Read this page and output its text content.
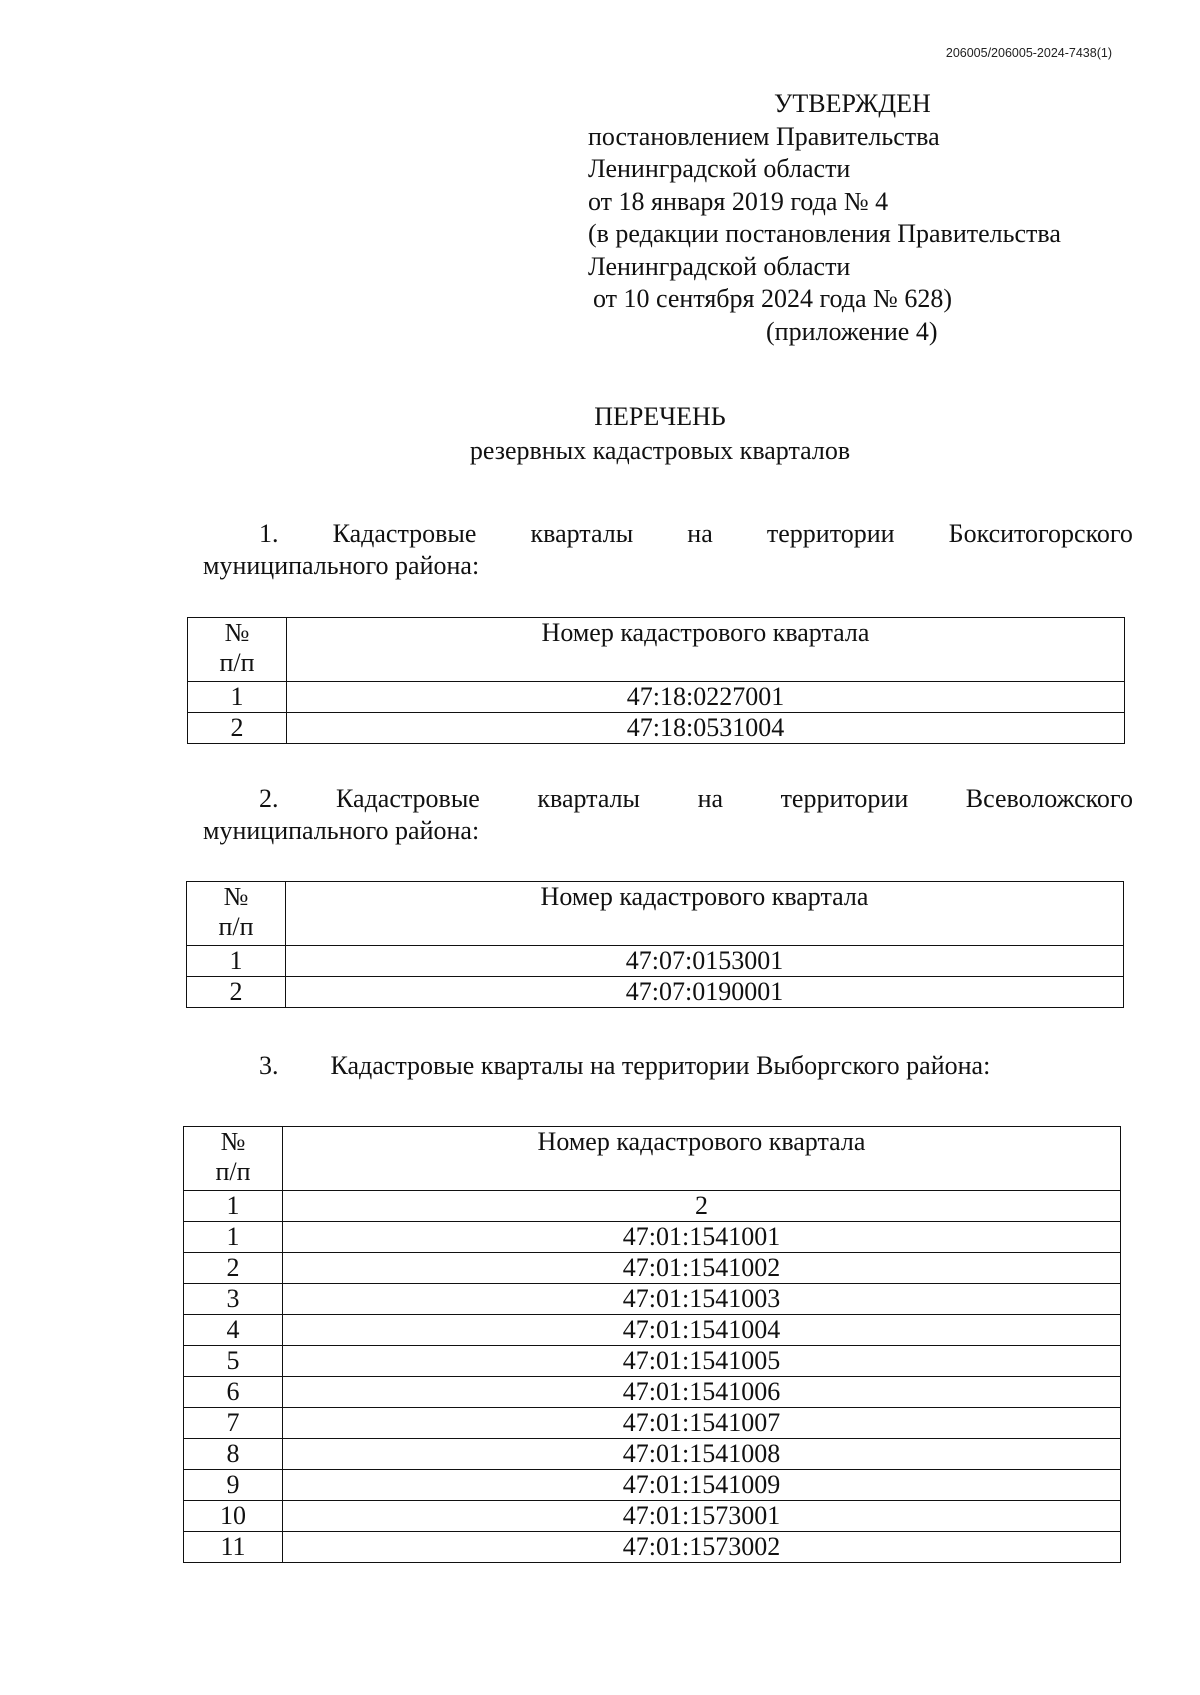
206005/206005-2024-7438(1)
УТВЕРЖДЕН
постановлением Правительства
Ленинградской области
от 18 января 2019 года № 4
(в редакции постановления Правительства
Ленинградской области
от 10 сентября 2024 года № 628)
(приложение 4)
ПЕРЕЧЕНЬ
резервных кадастровых кварталов
1. Кадастровые кварталы на территории Бокситогорского
муниципального района:
№
п/п	Номер кадастрового квартала
1	47:18:0227001
2	47:18:0531004
2. Кадастровые кварталы на территории Всеволожского
муниципального района:
№
п/п	Номер кадастрового квартала
1	47:07:0153001
2	47:07:0190001
3. Кадастровые кварталы на территории Выборгского района:
№
п/п	Номер кадастрового квартала
1	2
1	47:01:1541001
2	47:01:1541002
3	47:01:1541003
4	47:01:1541004
5	47:01:1541005
6	47:01:1541006
7	47:01:1541007
8	47:01:1541008
9	47:01:1541009
10	47:01:1573001
11	47:01:1573002
